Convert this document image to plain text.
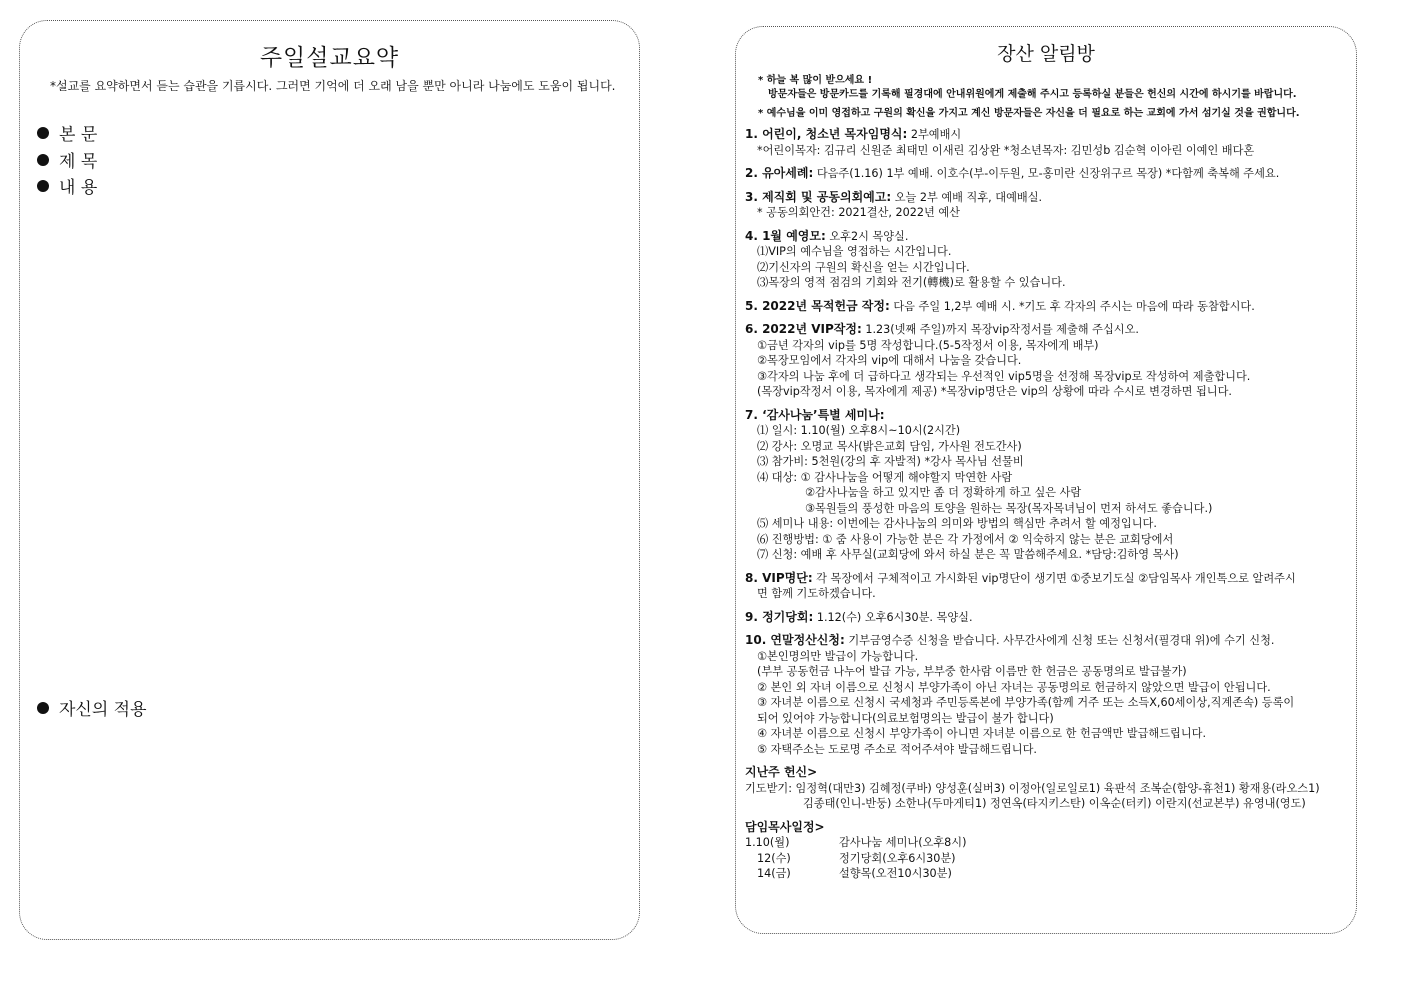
주일설교요약
*설교를 요약하면서 듣는 습관을 기릅시다. 그러면 기억에 더 오래 남을 뿐만 아니라 나눔에도 도움이 됩니다.
본 문
제 목
내 용
자신의 적용
장산 알림방
* 하늘 복 많이 받으세요 !
방문자들은 방문카드를 기록해 필경대에 안내위원에게 제출해 주시고 등록하실 분들은 헌신의 시간에 하시기를 바랍니다.
* 예수님을 이미 영접하고 구원의 확신을 가지고 계신 방문자들은 자신을 더 필요로 하는 교회에 가서 섬기실 것을 권합니다.
1. 어린이, 청소년 목자임명식: 2부예배시
*어린이목자: 김규리 신원준 최태민 이새린 김상완 *청소년목자: 김민성b 김순혁 이아린 이예인 배다혼
2. 유아세례: 다음주(1.16) 1부 예배. 이호수(부-이두원, 모-홍미란 신장위구르 목장) *다함께 축복해 주세요.
3. 제직회 및 공동의회예고: 오늘 2부 예배 직후, 대예배실.
* 공동의회안건: 2021결산, 2022년 예산
4. 1월 예영모: 오후2시 목양실.
⑴VIP의 예수님을 영접하는 시간입니다.
⑵기신자의 구원의 확신을 얻는 시간입니다.
⑶목장의 영적 점검의 기회와 전기(轉機)로 활용할 수 있습니다.
5. 2022년 목적헌금 작정: 다음 주일 1,2부 예배 시. *기도 후 각자의 주시는 마음에 따라 동참합시다.
6. 2022년 VIP작정: 1.23(넷째 주일)까지 목장vip작정서를 제출해 주십시오.
①금년 각자의 vip를 5명 작성합니다.(5-5작정서 이용, 목자에게 배부)
②목장모임에서 각자의 vip에 대해서 나눔을 갖습니다.
③각자의 나눔 후에 더 급하다고 생각되는 우선적인 vip5명을 선정해 목장vip로 작성하여 제출합니다.
(목장vip작정서 이용, 목자에게 제공) *목장vip명단은 vip의 상황에 따라 수시로 변경하면 됩니다.
7. ‘감사나눔’특별 세미나:
⑴ 일시: 1.10(월) 오후8시~10시(2시간)
⑵ 강사: 오명교 목사(밝은교회 담임, 가사원 전도간사)
⑶ 참가비: 5천원(강의 후 자발적) *강사 목사님 선물비
⑷ 대상: ① 감사나눔을 어떻게 해야할지 막연한 사람
②감사나눔을 하고 있지만 좀 더 정확하게 하고 싶은 사람
③목원들의 풍성한 마음의 토양을 원하는 목장(목자목녀님이 먼저 하셔도 좋습니다.)
⑸ 세미나 내용: 이번에는 감사나눔의 의미와 방법의 핵심만 추려서 할 예정입니다.
⑹ 진행방법: ① 줌 사용이 가능한 분은 각 가정에서 ② 익숙하지 않는 분은 교회당에서
⑺ 신청: 예배 후 사무실(교회당에 와서 하실 분은 꼭 말씀해주세요. *담당:김하영 목사)
8. VIP명단: 각 목장에서 구체적이고 가시화된 vip명단이 생기면 ①중보기도실 ②담임목사 개인톡으로 알려주시
면 함께 기도하겠습니다.
9. 정기당회: 1.12(수) 오후6시30분. 목양실.
10. 연말정산신청: 기부금영수증 신청을 받습니다. 사무간사에게 신청 또는 신청서(필경대 위)에 수기 신청.
①본인명의만 발급이 가능합니다.
(부부 공동헌금 나누어 발급 가능, 부부중 한사람 이름만 한 헌금은 공동명의로 발급불가)
② 본인 외 자녀 이름으로 신청시 부양가족이 아닌 자녀는 공동명의로 헌금하지 않았으면 발급이 안됩니다.
③ 자녀분 이름으로 신청시 국세청과 주민등록본에 부양가족(함께 거주 또는 소득X,60세이상,직계존속) 등록이
되어 있어야 가능합니다(의료보험명의는 발급이 불가 합니다)
④ 자녀분 이름으로 신청시 부양가족이 아니면 자녀분 이름으로 한 헌금액만 발급해드립니다.
⑤ 자택주소는 도로명 주소로 적어주셔야 발급해드립니다.
지난주 헌신>
기도받기: 임정혁(대만3) 김혜정(쿠바) 양성훈(실버3) 이정아(일로일로1) 육판석 조복순(함양-휴천1) 황재용(라오스1)
김종태(인니-반둥) 소한나(두마게티1) 정연옥(타지키스탄) 이옥순(터키) 이란지(선교본부) 유영내(영도)
담임목사일정>
1.10(월)	감사나눔 세미나(오후8시)
12(수)	정기당회(오후6시30분)
14(금)	설향목(오전10시30분)
